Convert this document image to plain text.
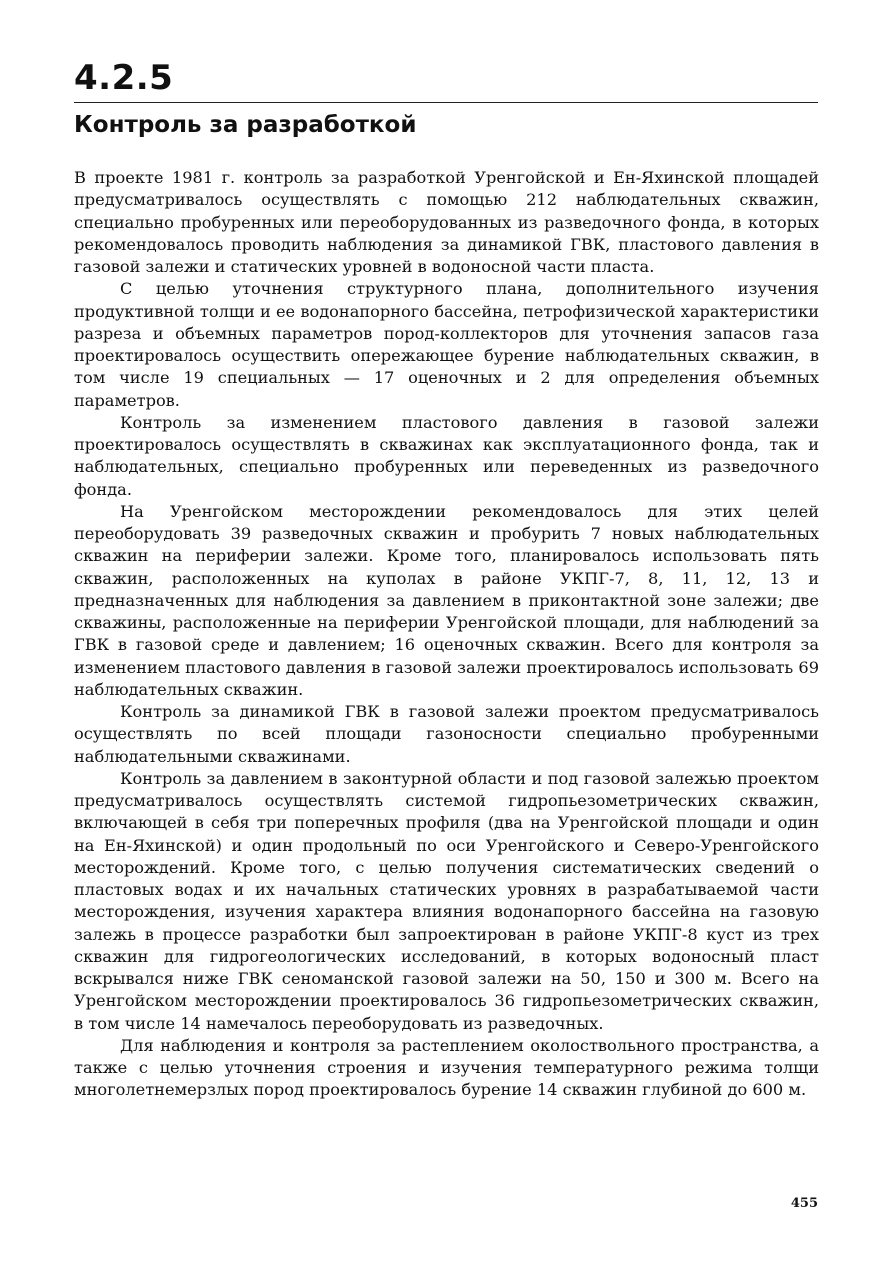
4.2.5
Контроль за разработкой

В проекте 1981 г. контроль за разработкой Уренгойской и Ен-Яхинской площадей предусматривалось осуществлять с помощью 212 наблюдательных скважин, специально пробуренных или переоборудованных из разведочного фонда, в которых рекомендовалось проводить наблюдения за динамикой ГВК, пластового давления в газовой залежи и статических уровней в водоносной части пласта.

С целью уточнения структурного плана, дополнительного изучения продуктивной толщи и ее водонапорного бассейна, петрофизической характеристики разреза и объемных параметров пород-коллекторов для уточнения запасов газа проектировалось осуществить опережающее бурение наблюдательных скважин, в том числе 19 специальных — 17 оценочных и 2 для определения объемных параметров.

Контроль за изменением пластового давления в газовой залежи проектировалось осуществлять в скважинах как эксплуатационного фонда, так и наблюдательных, специально пробуренных или переведенных из разведочного фонда.

На Уренгойском месторождении рекомендовалось для этих целей переоборудовать 39 разведочных скважин и пробурить 7 новых наблюдательных скважин на периферии залежи. Кроме того, планировалось использовать пять скважин, расположенных на куполах в районе УКПГ-7, 8, 11, 12, 13 и предназначенных для наблюдения за давлением в приконтактной зоне залежи; две скважины, расположенные на периферии Уренгойской площади, для наблюдений за ГВК в газовой среде и давлением; 16 оценочных скважин. Всего для контроля за изменением пластового давления в газовой залежи проектировалось использовать 69 наблюдательных скважин.

Контроль за динамикой ГВК в газовой залежи проектом предусматривалось осуществлять по всей площади газоносности специально пробуренными наблюдательными скважинами.

Контроль за давлением в законтурной области и под газовой залежью проектом предусматривалось осуществлять системой гидропьезометрических скважин, включающей в себя три поперечных профиля (два на Уренгойской площади и один на Ен-Яхинской) и один продольный по оси Уренгойского и Северо-Уренгойского месторождений. Кроме того, с целью получения систематических сведений о пластовых водах и их начальных статических уровнях в разрабатываемой части месторождения, изучения характера влияния водонапорного бассейна на газовую залежь в процессе разработки был запроектирован в районе УКПГ-8 куст из трех скважин для гидрогеологических исследований, в которых водоносный пласт вскрывался ниже ГВК сеноманской газовой залежи на 50, 150 и 300 м. Всего на Уренгойском месторождении проектировалось 36 гидропьезометрических скважин, в том числе 14 намечалось переоборудовать из разведочных.

Для наблюдения и контроля за растеплением околоствольного пространства, а также с целью уточнения строения и изучения температурного режима толщи многолетнемерзлых пород проектировалось бурение 14 скважин глубиной до 600 м.

455
